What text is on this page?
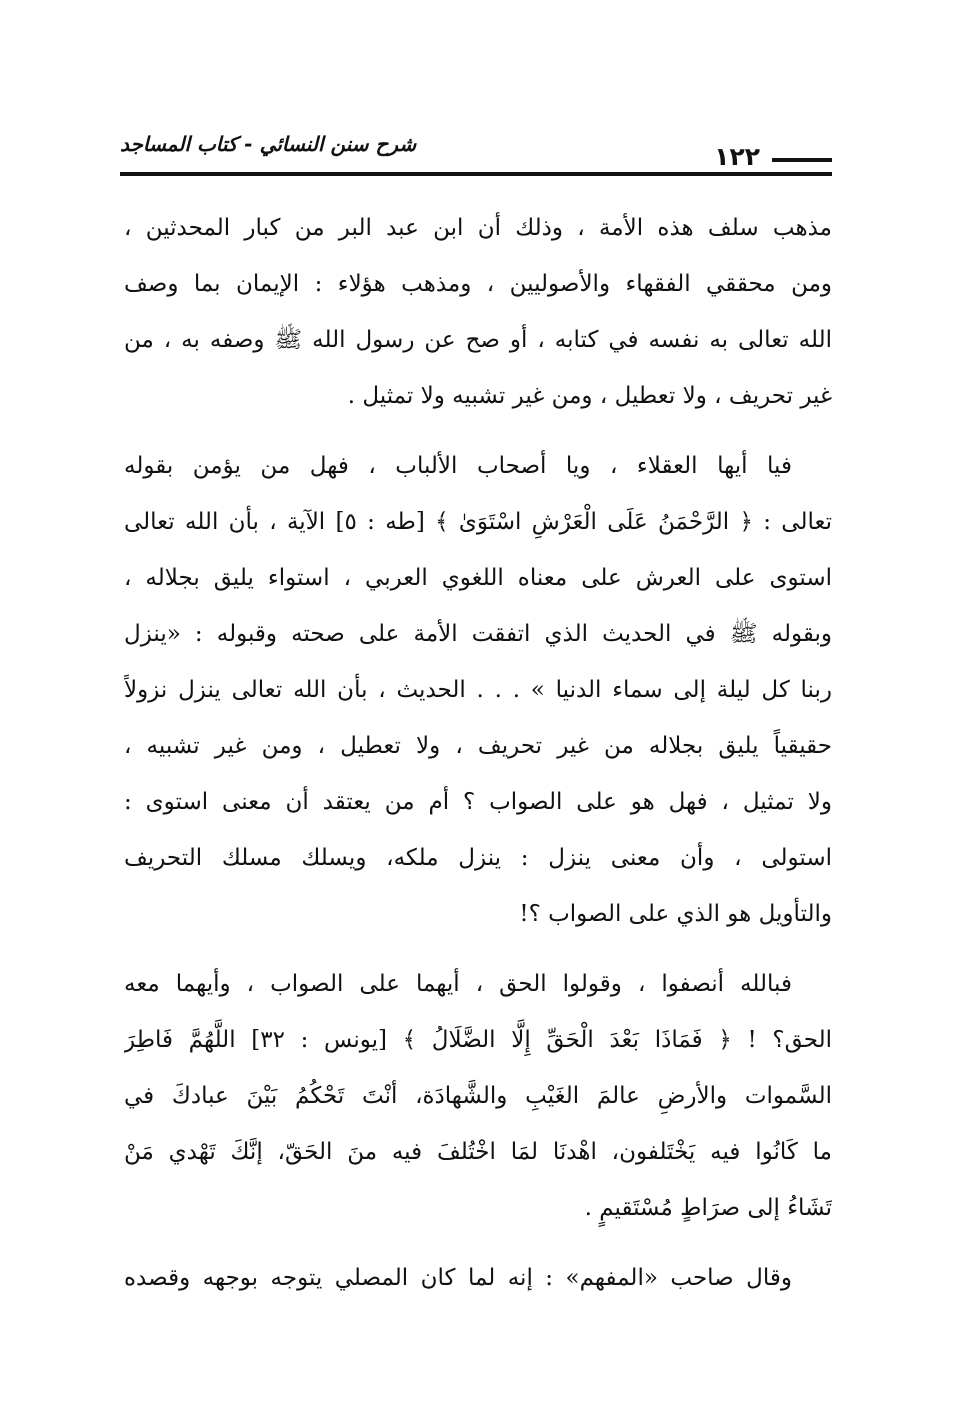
شرح سنن النسائي - كتاب المساجد	١٢٢
مذهب سلف هذه الأمة ، وذلك أن ابن عبد البر من كبار المحدثين ،
ومن محققي الفقهاء والأصوليين ، ومذهب هؤلاء : الإيمان بما وصف
الله تعالى به نفسه في كتابه ، أو صح عن رسول الله ﷺ وصفه به ، من
غير تحريف ، ولا تعطيل ، ومن غير تشبيه ولا تمثيل .
فيا أيها العقلاء ، ويا أصحاب الألباب ، فهل من يؤمن بقوله
تعالى : ﴿ الرَّحْمَنُ عَلَى الْعَرْشِ اسْتَوَىٰ ﴾ [طه : ٥] الآية ، بأن الله تعالى
استوى على العرش على معناه اللغوي العربي ، استواء يليق بجلاله ،
وبقوله ﷺ في الحديث الذي اتفقت الأمة على صحته وقبوله : «ينزل
ربنا كل ليلة إلى سماء الدنيا » . . . الحديث ، بأن الله تعالى ينزل نزولاً
حقيقياً يليق بجلاله من غير تحريف ، ولا تعطيل ، ومن غير تشبيه ،
ولا تمثيل ، فهل هو على الصواب ؟ أم من يعتقد أن معنى استوى :
استولى ، وأن معنى ينزل : ينزل ملكه، ويسلك مسلك التحريف
والتأويل هو الذي على الصواب ؟!
فبالله أنصفوا ، وقولوا الحق ، أيهما على الصواب ، وأيهما معه
الحق؟ ! ﴿ فَمَاذَا بَعْدَ الْحَقِّ إِلَّا الضَّلَالُ ﴾ [يونس : ٣٢] اللَّهُمَّ فَاطِرَ
السَّموات والأرضِ عالمَ الغَيْبِ والشَّهادَة، أنْتَ تَحْكُمُ بَيْنَ عبادكَ في
ما كَانُوا فيه يَخْتَلفون، اهْدنَا لمَا اخْتُلفَ فيه منَ الحَقّ، إنَّكَ تَهْدي مَنْ
تَشَاءُ إلى صرَاطٍ مُسْتَقيمٍ .
وقال صاحب «المفهم» : إنه لما كان المصلي يتوجه بوجهه وقصده
